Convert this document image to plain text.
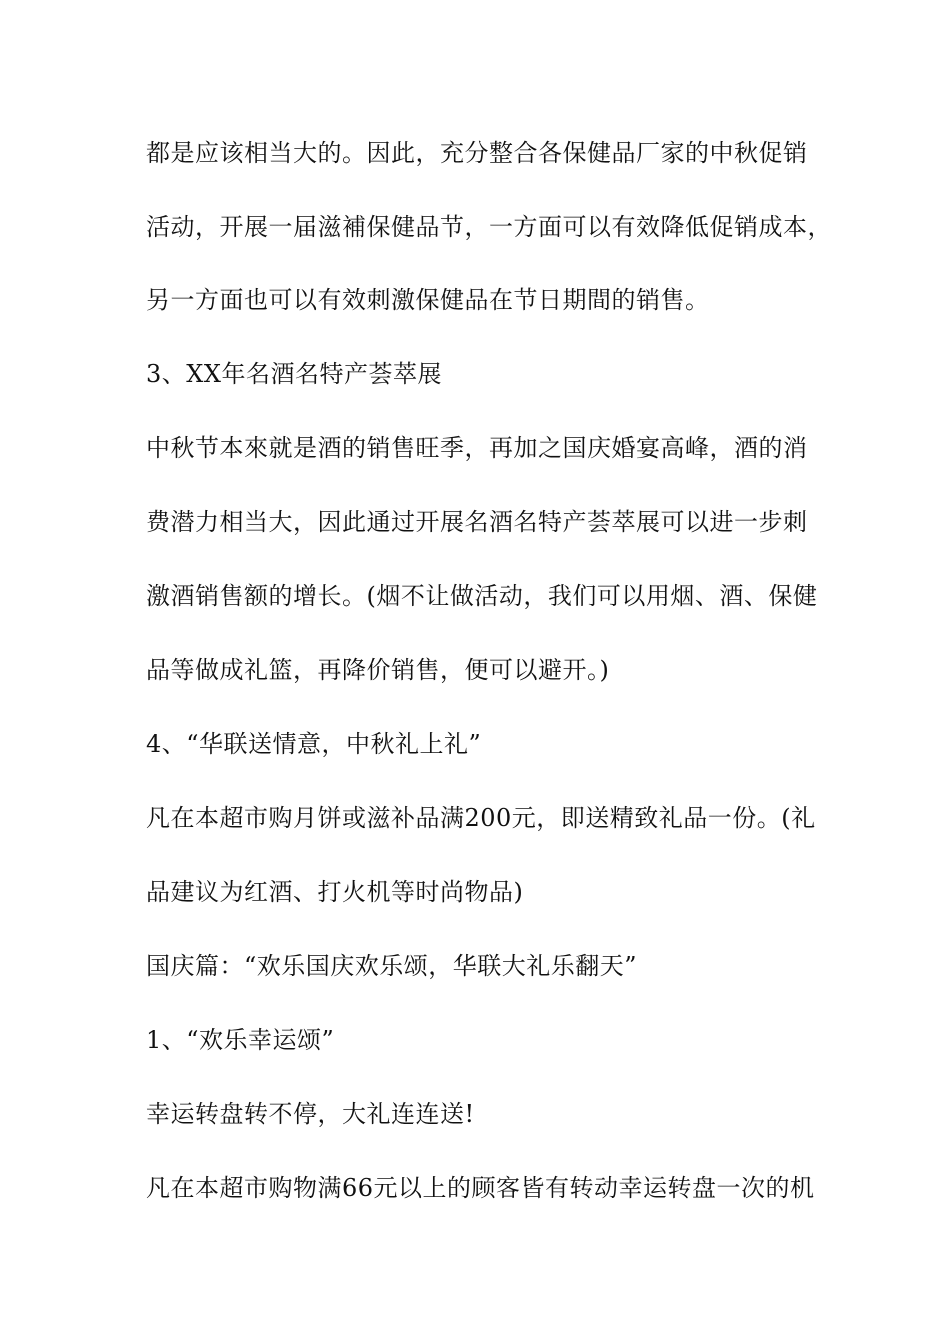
都是应该相当大的。因此，充分整合各保健品厂家的中秋促销
活动，开展一届滋補保健品节，一方面可以有效降低促销成本，
另一方面也可以有效刺激保健品在节日期間的销售。
3、XX年名酒名特产荟萃展
中秋节本來就是酒的销售旺季，再加之国庆婚宴高峰，酒的消
费潜力相当大，因此通过开展名酒名特产荟萃展可以进一步刺
激酒销售额的增长。(烟不让做活动，我们可以用烟、酒、保健
品等做成礼篮，再降价销售，便可以避开。)
4、“华联送情意，中秋礼上礼”
凡在本超市购月饼或滋补品满200元，即送精致礼品一份。(礼
品建议为红酒、打火机等时尚物品)
国庆篇：“欢乐国庆欢乐颂，华联大礼乐翻天”
1、“欢乐幸运颂”
幸运转盘转不停，大礼连连送!
凡在本超市购物满66元以上的顾客皆有转动幸运转盘一次的机
